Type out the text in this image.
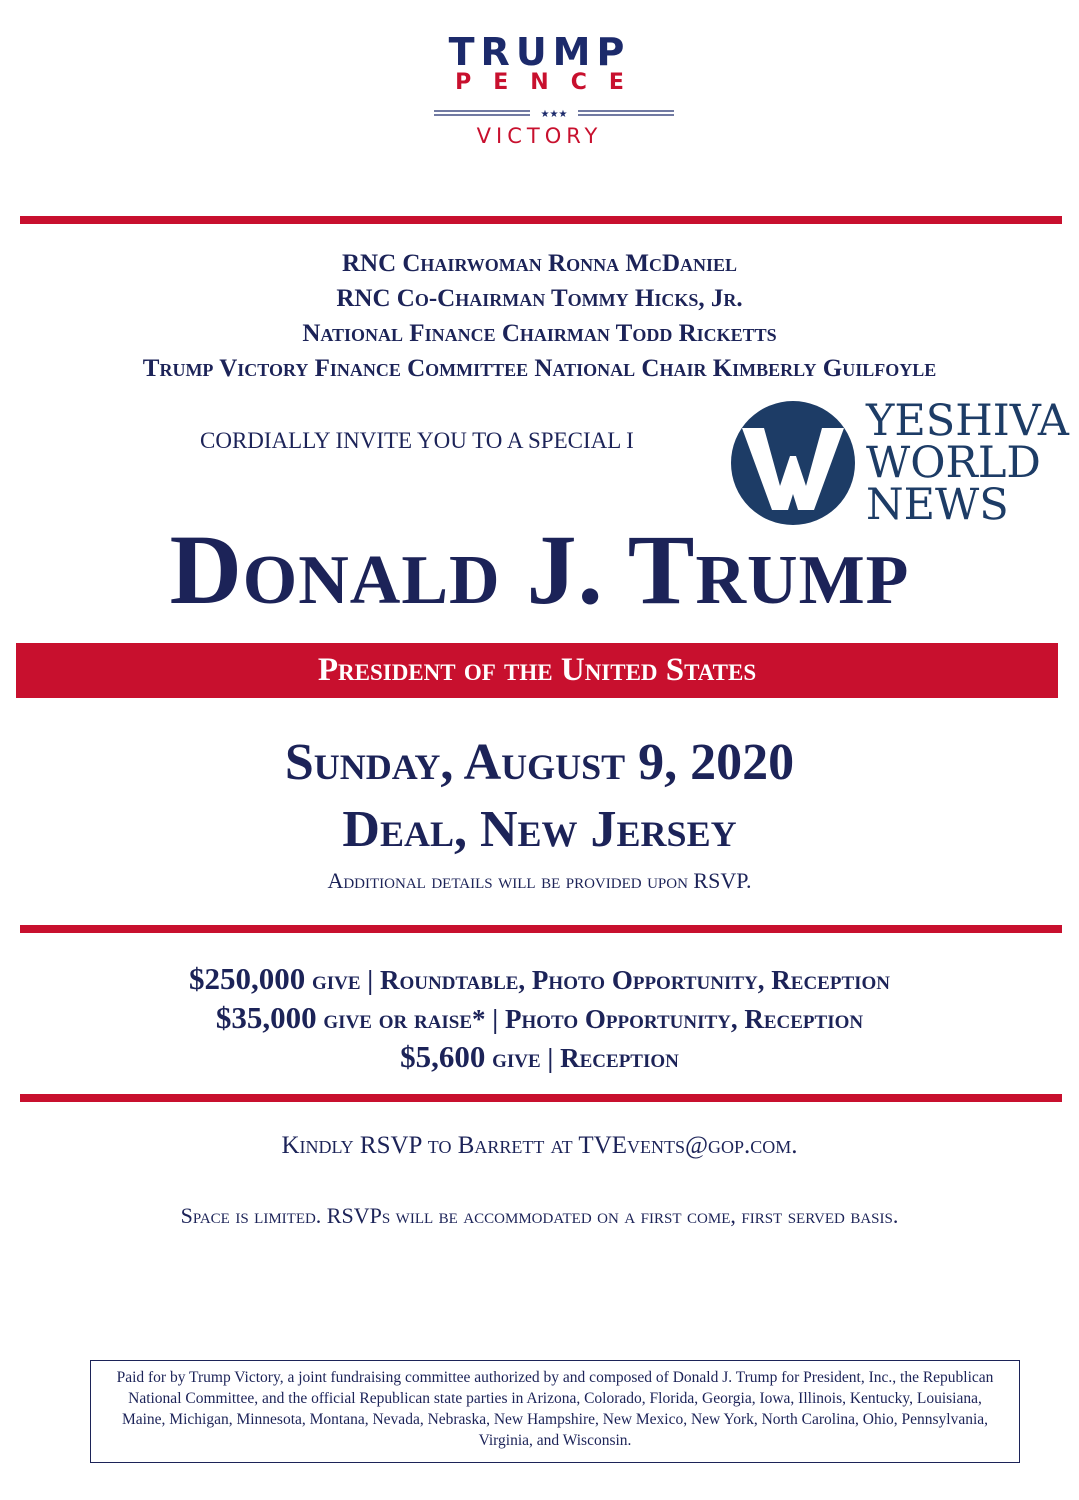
TRUMP
PENCE
★★★
VICTORY
RNC Chairwoman Ronna McDaniel
RNC Co-Chairman Tommy Hicks, Jr.
National Finance Chairman Todd Ricketts
Trump Victory Finance Committee National Chair Kimberly Guilfoyle
CORDIALLY INVITE YOU TO A SPECIAL I	YESHIVA
WORLD
NEWS
Donald J. Trump
President of the United States
Sunday, August 9, 2020
Deal, New Jersey
Additional details will be provided upon RSVP.
$250,000 give | Roundtable, Photo Opportunity, Reception
$35,000 give or raise* | Photo Opportunity, Reception
$5,600 give | Reception
Kindly RSVP to Barrett at TVEvents@gop.com.
Space is limited. RSVPs will be accommodated on a first come, first served basis.
Paid for by Trump Victory, a joint fundraising committee authorized by and composed of Donald J. Trump for President, Inc., the Republican National Committee, and the official Republican state parties in Arizona, Colorado, Florida, Georgia, Iowa, Illinois, Kentucky, Louisiana, Maine, Michigan, Minnesota, Montana, Nevada, Nebraska, New Hampshire, New Mexico, New York, North Carolina, Ohio, Pennsylvania, Virginia, and Wisconsin.
